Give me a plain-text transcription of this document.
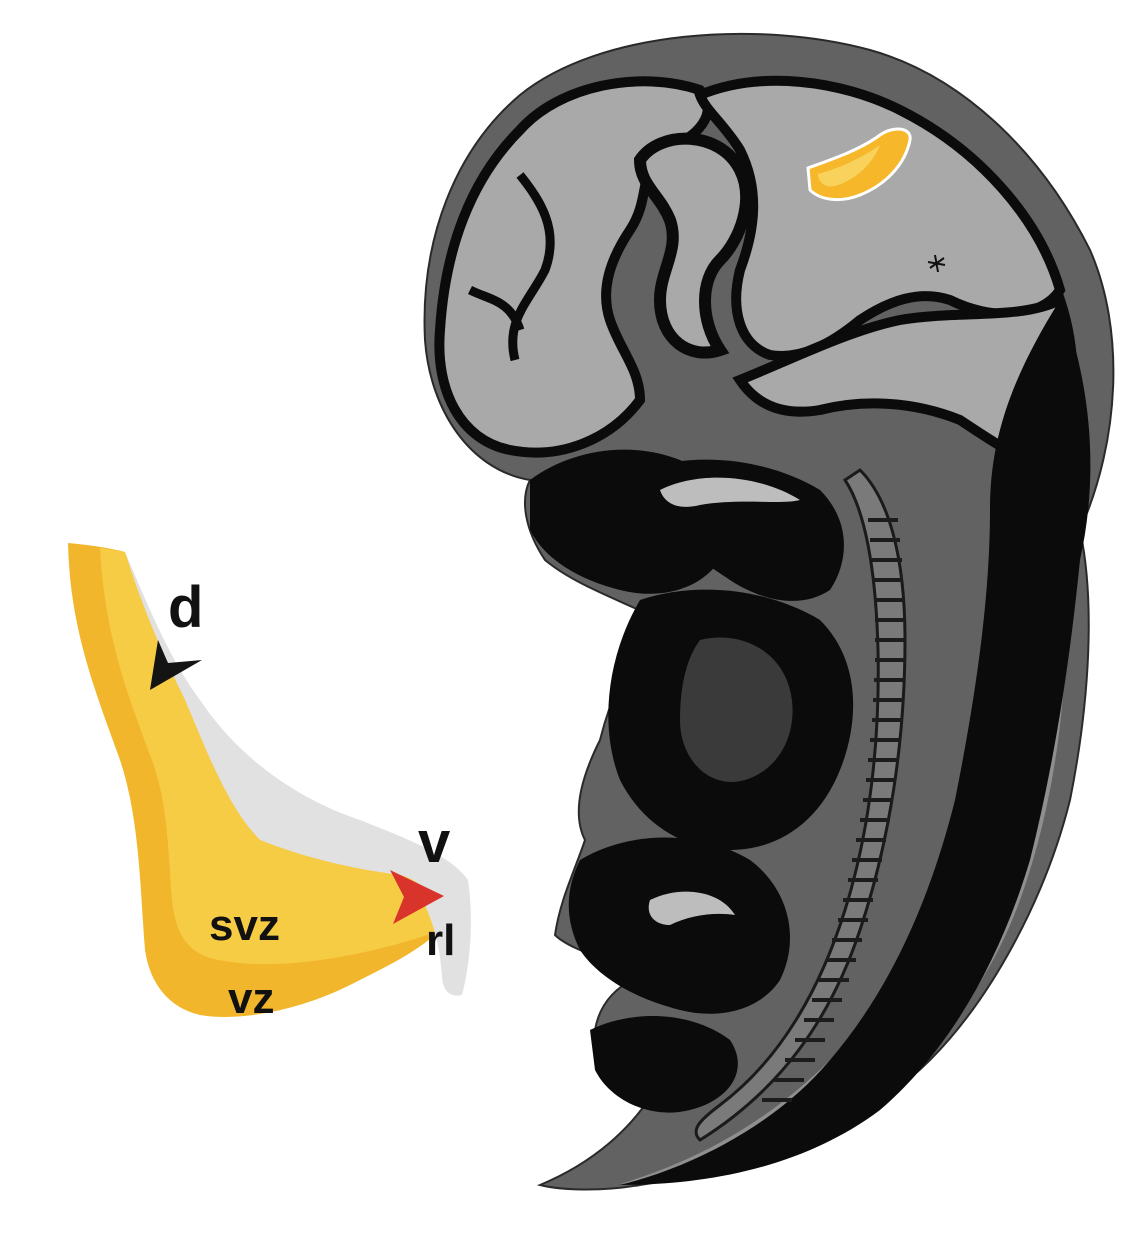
d
v
svz
vz
rl
